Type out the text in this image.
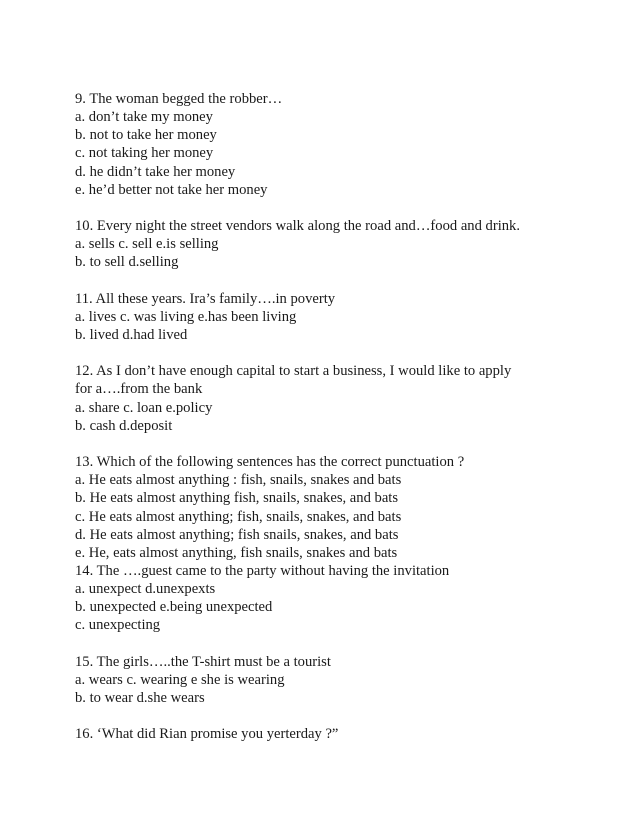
9. The woman begged the robber…
a. don’t take my money
b. not to take her money
c. not taking her money
d. he didn’t take her money
e. he’d better not take her money
10. Every night the street vendors walk along the road and…food and drink.
a. sells c. sell e.is selling
b. to sell d.selling
11. All these years. Ira’s family….in poverty
a. lives c. was living e.has been living
b. lived d.had lived
12. As I don’t have enough capital to start a business, I would like to apply
for a….from the bank
a. share c. loan e.policy
b. cash d.deposit
13. Which of the following sentences has the correct punctuation ?
a. He eats almost anything : fish, snails, snakes and bats
b. He eats almost anything fish, snails, snakes, and bats
c. He eats almost anything; fish, snails, snakes, and bats
d. He eats almost anything; fish snails, snakes, and bats
e. He, eats almost anything, fish snails, snakes and bats
14. The ….guest came to the party without having the invitation
a. unexpect d.unexpexts
b. unexpected e.being unexpected
c. unexpecting
15. The girls…..the T-shirt must be a tourist
a. wears c. wearing e she is wearing
b. to wear d.she wears
16. ‘What did Rian promise you yerterday ?”
